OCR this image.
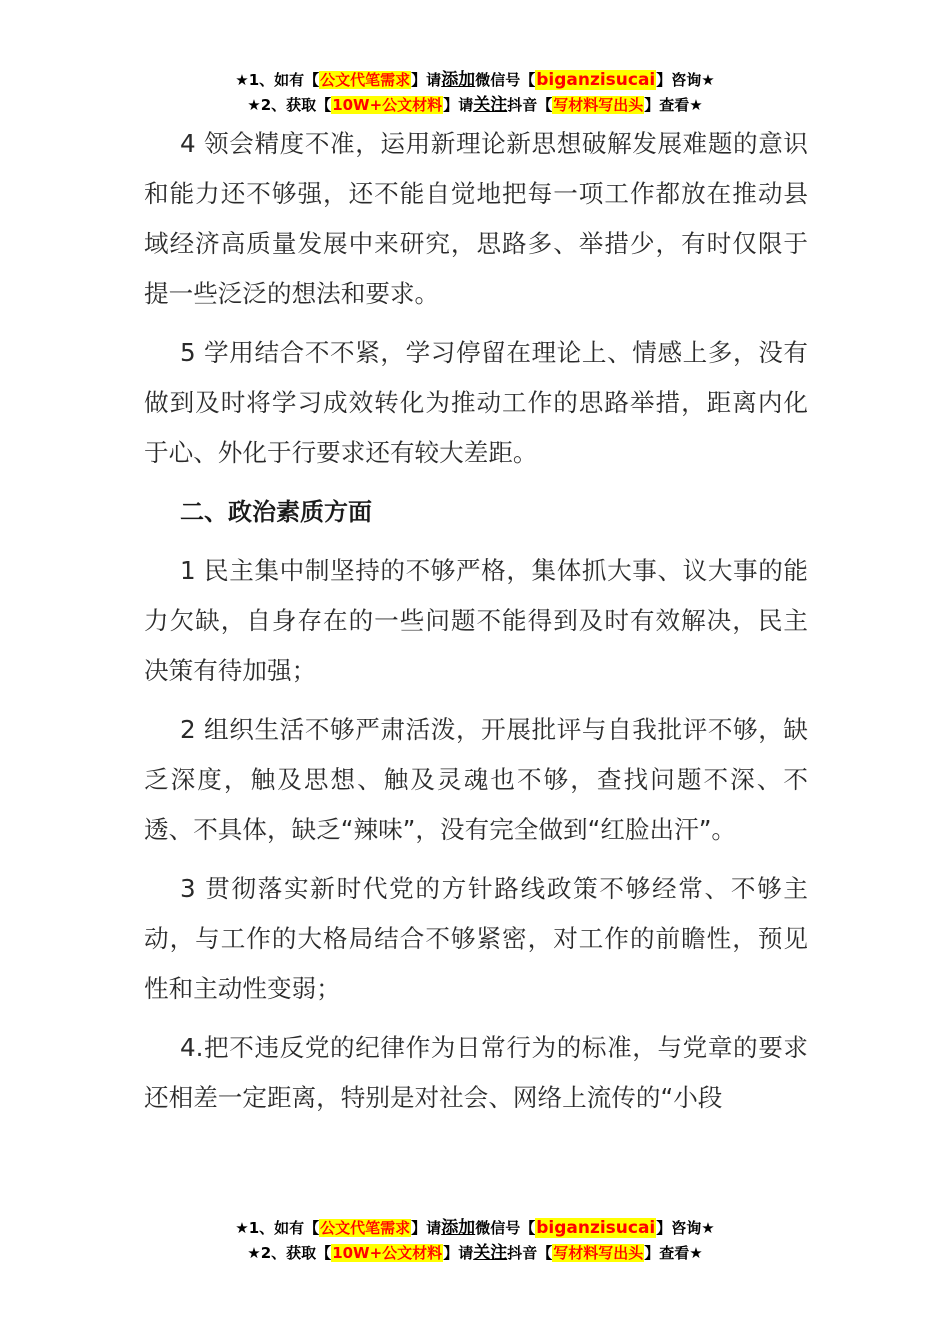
★1、如有【公文代笔需求】请添加微信号【biganzisucai】咨询★
★2、获取【10W+公文材料】请关注抖音【写材料写出头】查看★

4 领会精度不准，运用新理论新思想破解发展难题的意识和能力还不够强，还不能自觉地把每一项工作都放在推动县域经济高质量发展中来研究，思路多、举措少，有时仅限于提一些泛泛的想法和要求。

5 学用结合不不紧，学习停留在理论上、情感上多，没有做到及时将学习成效转化为推动工作的思路举措，距离内化于心、外化于行要求还有较大差距。

二、政治素质方面

1 民主集中制坚持的不够严格，集体抓大事、议大事的能力欠缺，自身存在的一些问题不能得到及时有效解决，民主决策有待加强；

2 组织生活不够严肃活泼，开展批评与自我批评不够，缺乏深度，触及思想、触及灵魂也不够，查找问题不深、不透、不具体，缺乏“辣味”，没有完全做到“红脸出汗”。

3 贯彻落实新时代党的方针路线政策不够经常、不够主动，与工作的大格局结合不够紧密，对工作的前瞻性，预见性和主动性变弱；

4.把不违反党的纪律作为日常行为的标准，与党章的要求还相差一定距离，特别是对社会、网络上流传的“小段

★1、如有【公文代笔需求】请添加微信号【biganzisucai】咨询★
★2、获取【10W+公文材料】请关注抖音【写材料写出头】查看★
